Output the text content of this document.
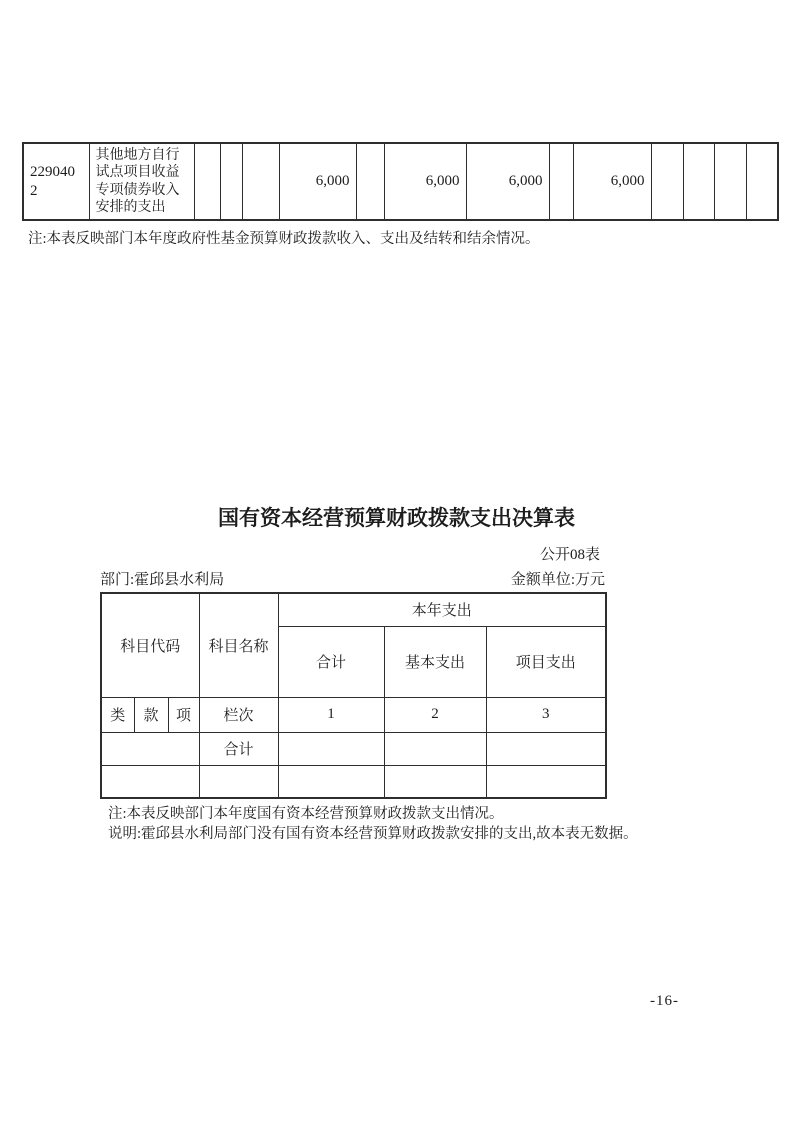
2290402	其他地方自行试点项目收益专项债券收入安排的支出				6,000		6,000	6,000		6,000				
注:本表反映部门本年度政府性基金预算财政拨款收入、支出及结转和结余情况。
国有资本经营预算财政拨款支出决算表
公开08表
部门:霍邱县水利局	金额单位:万元
科目代码			科目名称	本年支出		
				合计	基本支出	项目支出
类	款	项	栏次	1	2	3
			合计			

注:本表反映部门本年度国有资本经营预算财政拨款支出情况。
说明:霍邱县水利局部门没有国有资本经营预算财政拨款安排的支出,故本表无数据。
-16-
